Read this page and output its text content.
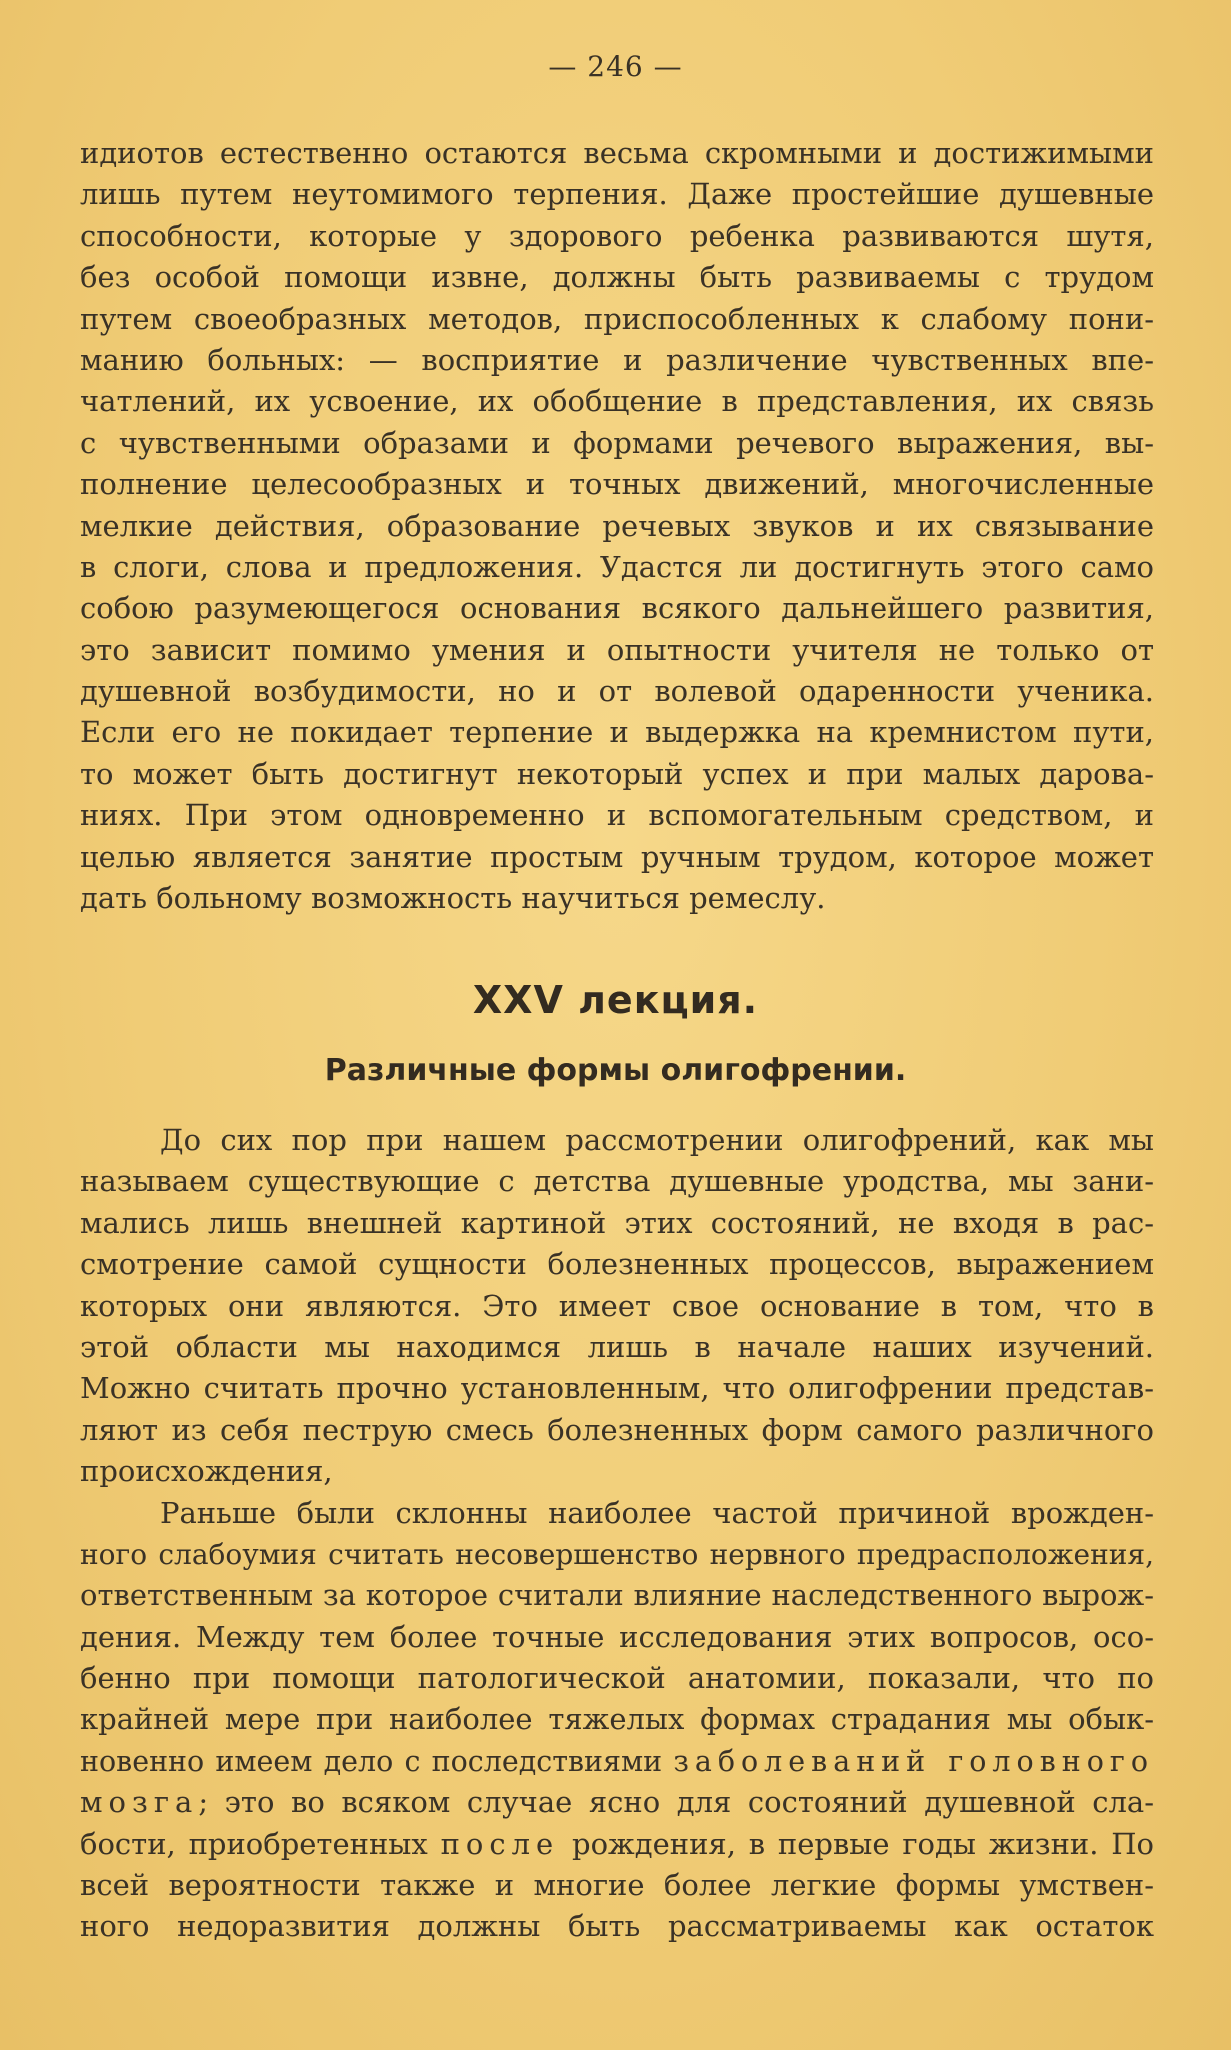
— 246 —
идиотов естественно остаются весьма скромными и достижимыми
лишь путем неутомимого терпения. Даже простейшие душевные
способности, которые у здорового ребенка развиваются шутя,
без особой помощи извне, должны быть развиваемы с трудом
путем своеобразных методов, приспособленных к слабому пони-
манию больных: — восприятие и различение чувственных впе-
чатлений, их усвоение, их обобщение в представления, их связь
с чувственными образами и формами речевого выражения, вы-
полнение целесообразных и точных движений, многочисленные
мелкие действия, образование речевых звуков и их связывание
в слоги, слова и предложения. Удастся ли достигнуть этого само
собою разумеющегося основания всякого дальнейшего развития,
это зависит помимо умения и опытности учителя не только от
душевной возбудимости, но и от волевой одаренности ученика.
Если его не покидает терпение и выдержка на кремнистом пути,
то может быть достигнут некоторый успех и при малых дарова-
ниях. При этом одновременно и вспомогательным средством, и
целью является занятие простым ручным трудом, которое может
дать больному возможность научиться ремеслу.
XXV лекция.
Различные формы олигофрении.
До сих пор при нашем рассмотрении олигофрений, как мы
называем существующие с детства душевные уродства, мы зани-
мались лишь внешней картиной этих состояний, не входя в рас-
смотрение самой сущности болезненных процессов, выражением
которых они являются. Это имеет свое основание в том, что в
этой области мы находимся лишь в начале наших изучений.
Можно считать прочно установленным, что олигофрении представ-
ляют из себя пеструю смесь болезненных форм самого различного
происхождения,
Раньше были склонны наиболее частой причиной врожден-
ного слабоумия считать несовершенство нервного предрасположения,
ответственным за которое считали влияние наследственного вырож-
дения. Между тем более точные исследования этих вопросов, осо-
бенно при помощи патологической анатомии, показали, что по
крайней мере при наиболее тяжелых формах страдания мы обык-
новенно имеем дело с последствиями заболеваний головного
мозга; это во всяком случае ясно для состояний душевной сла-
бости, приобретенных после рождения, в первые годы жизни. По
всей вероятности также и многие более легкие формы умствен-
ного недоразвития должны быть рассматриваемы как остаток
